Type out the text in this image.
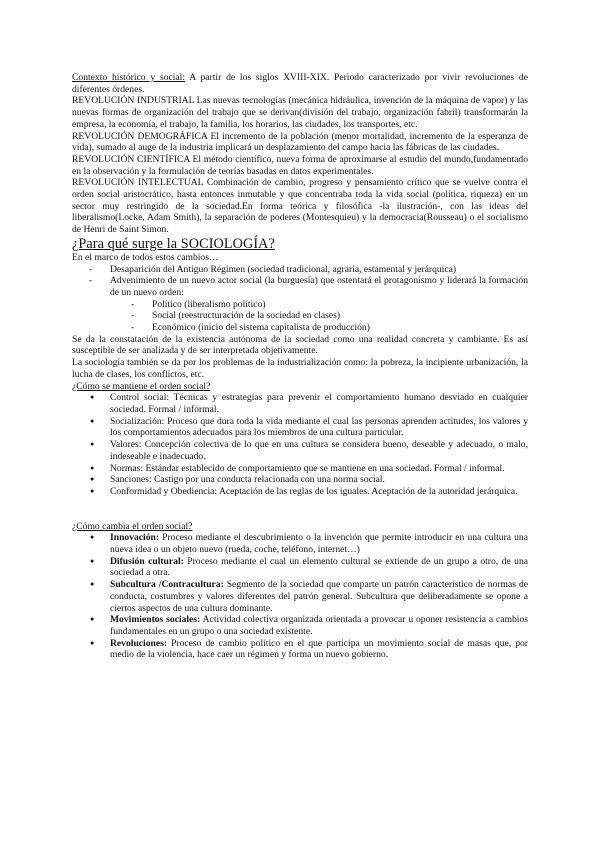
Contexto histórico y social: A partir de los siglos XVIII-XIX. Periodo caracterizado por vivir revoluciones de diferentes órdenes.

REVOLUCIÓN INDUSTRIAL Las nuevas tecnologías (mecánica hidráulica, invención de la máquina de vapor) y las nuevas formas de organización del trabajo que se derivan(división del trabajo, organización fabril) transformarán la empresa, la economía, el trabajo, la familia, los horarios, las ciudades, los transportes, etc.

REVOLUCIÓN DEMOGRÁFICA El incremento de la población (menor mortalidad, incremento de la esperanza de vida), sumado al auge de la industria implicará un desplazamiento del campo hacia las fábricas de las ciudades.

REVOLUCIÓN CIENTÍFICA El método científico, nueva forma de aproximarse al estudio del mundo,fundamentado en la observación y la formulación de teorías basadas en datos experimentales.

REVOLUCIÓN INTELECTUAL Combinación de cambio, progreso y pensamiento crítico que se vuelve contra el orden social aristocrático, hasta entonces inmutable y que concentraba toda la vida social (política, riqueza) en un sector muy restringido de la sociedad.En forma teórica y filosófica -la ilustración-, con las ideas del liberalismo(Locke, Adam Smith), la separación de poderes (Montesquieu) y la democracia(Rousseau) o el socialismo de Henri de Saint Simon.

¿Para qué surge la SOCIOLOGÍA?

En el marco de todos estos cambios…

- Desaparición del Antiguo Régimen (sociedad tradicional, agraria, estamental y jerárquica)
- Advenimiento de un nuevo actor social (la burguesía) que ostentará el protagonismo y liderará la formación de un nuevo orden:
- Político (liberalismo político)
- Social (reestructuración de la sociedad en clases)
- Económico (inicio del sistema capitalista de producción)

Se da la constatación de la existencia autónoma de la sociedad como una realidad concreta y cambiante. Es así susceptible de ser analizada y de ser interpretada objetivamente.

La sociología también se da por los problemas de la industrialización como: la pobreza, la incipiente urbanización, la lucha de clases, los conflictos, etc.

¿Cómo se mantiene el orden social?

● Control social: Técnicas y estrategias para prevenir el comportamiento humano desviado en cualquier sociedad. Formal / informal.
● Socialización: Proceso que dura toda la vida mediante el cual las personas aprenden actitudes, los valores y los comportamientos adecuados para los miembros de una cultura particular.
● Valores: Concepción colectiva de lo que en una cultura se considera bueno, deseable y adecuado, o malo, indeseable e inadecuado.
● Normas: Estándar establecido de comportamiento que se mantiene en una sociedad. Formal / informal.
● Sanciones: Castigo por una conducta relacionada con una norma social.
● Conformidad y Obediencia: Aceptación de las reglas de los iguales. Aceptación de la autoridad jerárquica.

¿Cómo cambia el orden social?

● Innovación: Proceso mediante el descubrimiento o la invención que permite introducir en una cultura una nueva idea o un objeto nuevo (rueda, coche, teléfono, internet…)
● Difusión cultural: Proceso mediante el cual un elemento cultural se extiende de un grupo a otro, de una sociedad a otra.
● Subcultura /Contracultura: Segmento de la sociedad que comparte un patrón característico de normas de conducta, costumbres y valores diferentes del patrón general. Subcultura que deliberadamente se opone a ciertos aspectos de una cultura dominante.
● Movimientos sociales: Actividad colectiva organizada orientada a provocar u oponer resistencia a cambios fundamentales en un grupo o una sociedad existente.
● Revoluciones: Proceso de cambio político en el que participa un movimiento social de masas que, por medio de la violencia, hace caer un régimen y forma un nuevo gobierno.
